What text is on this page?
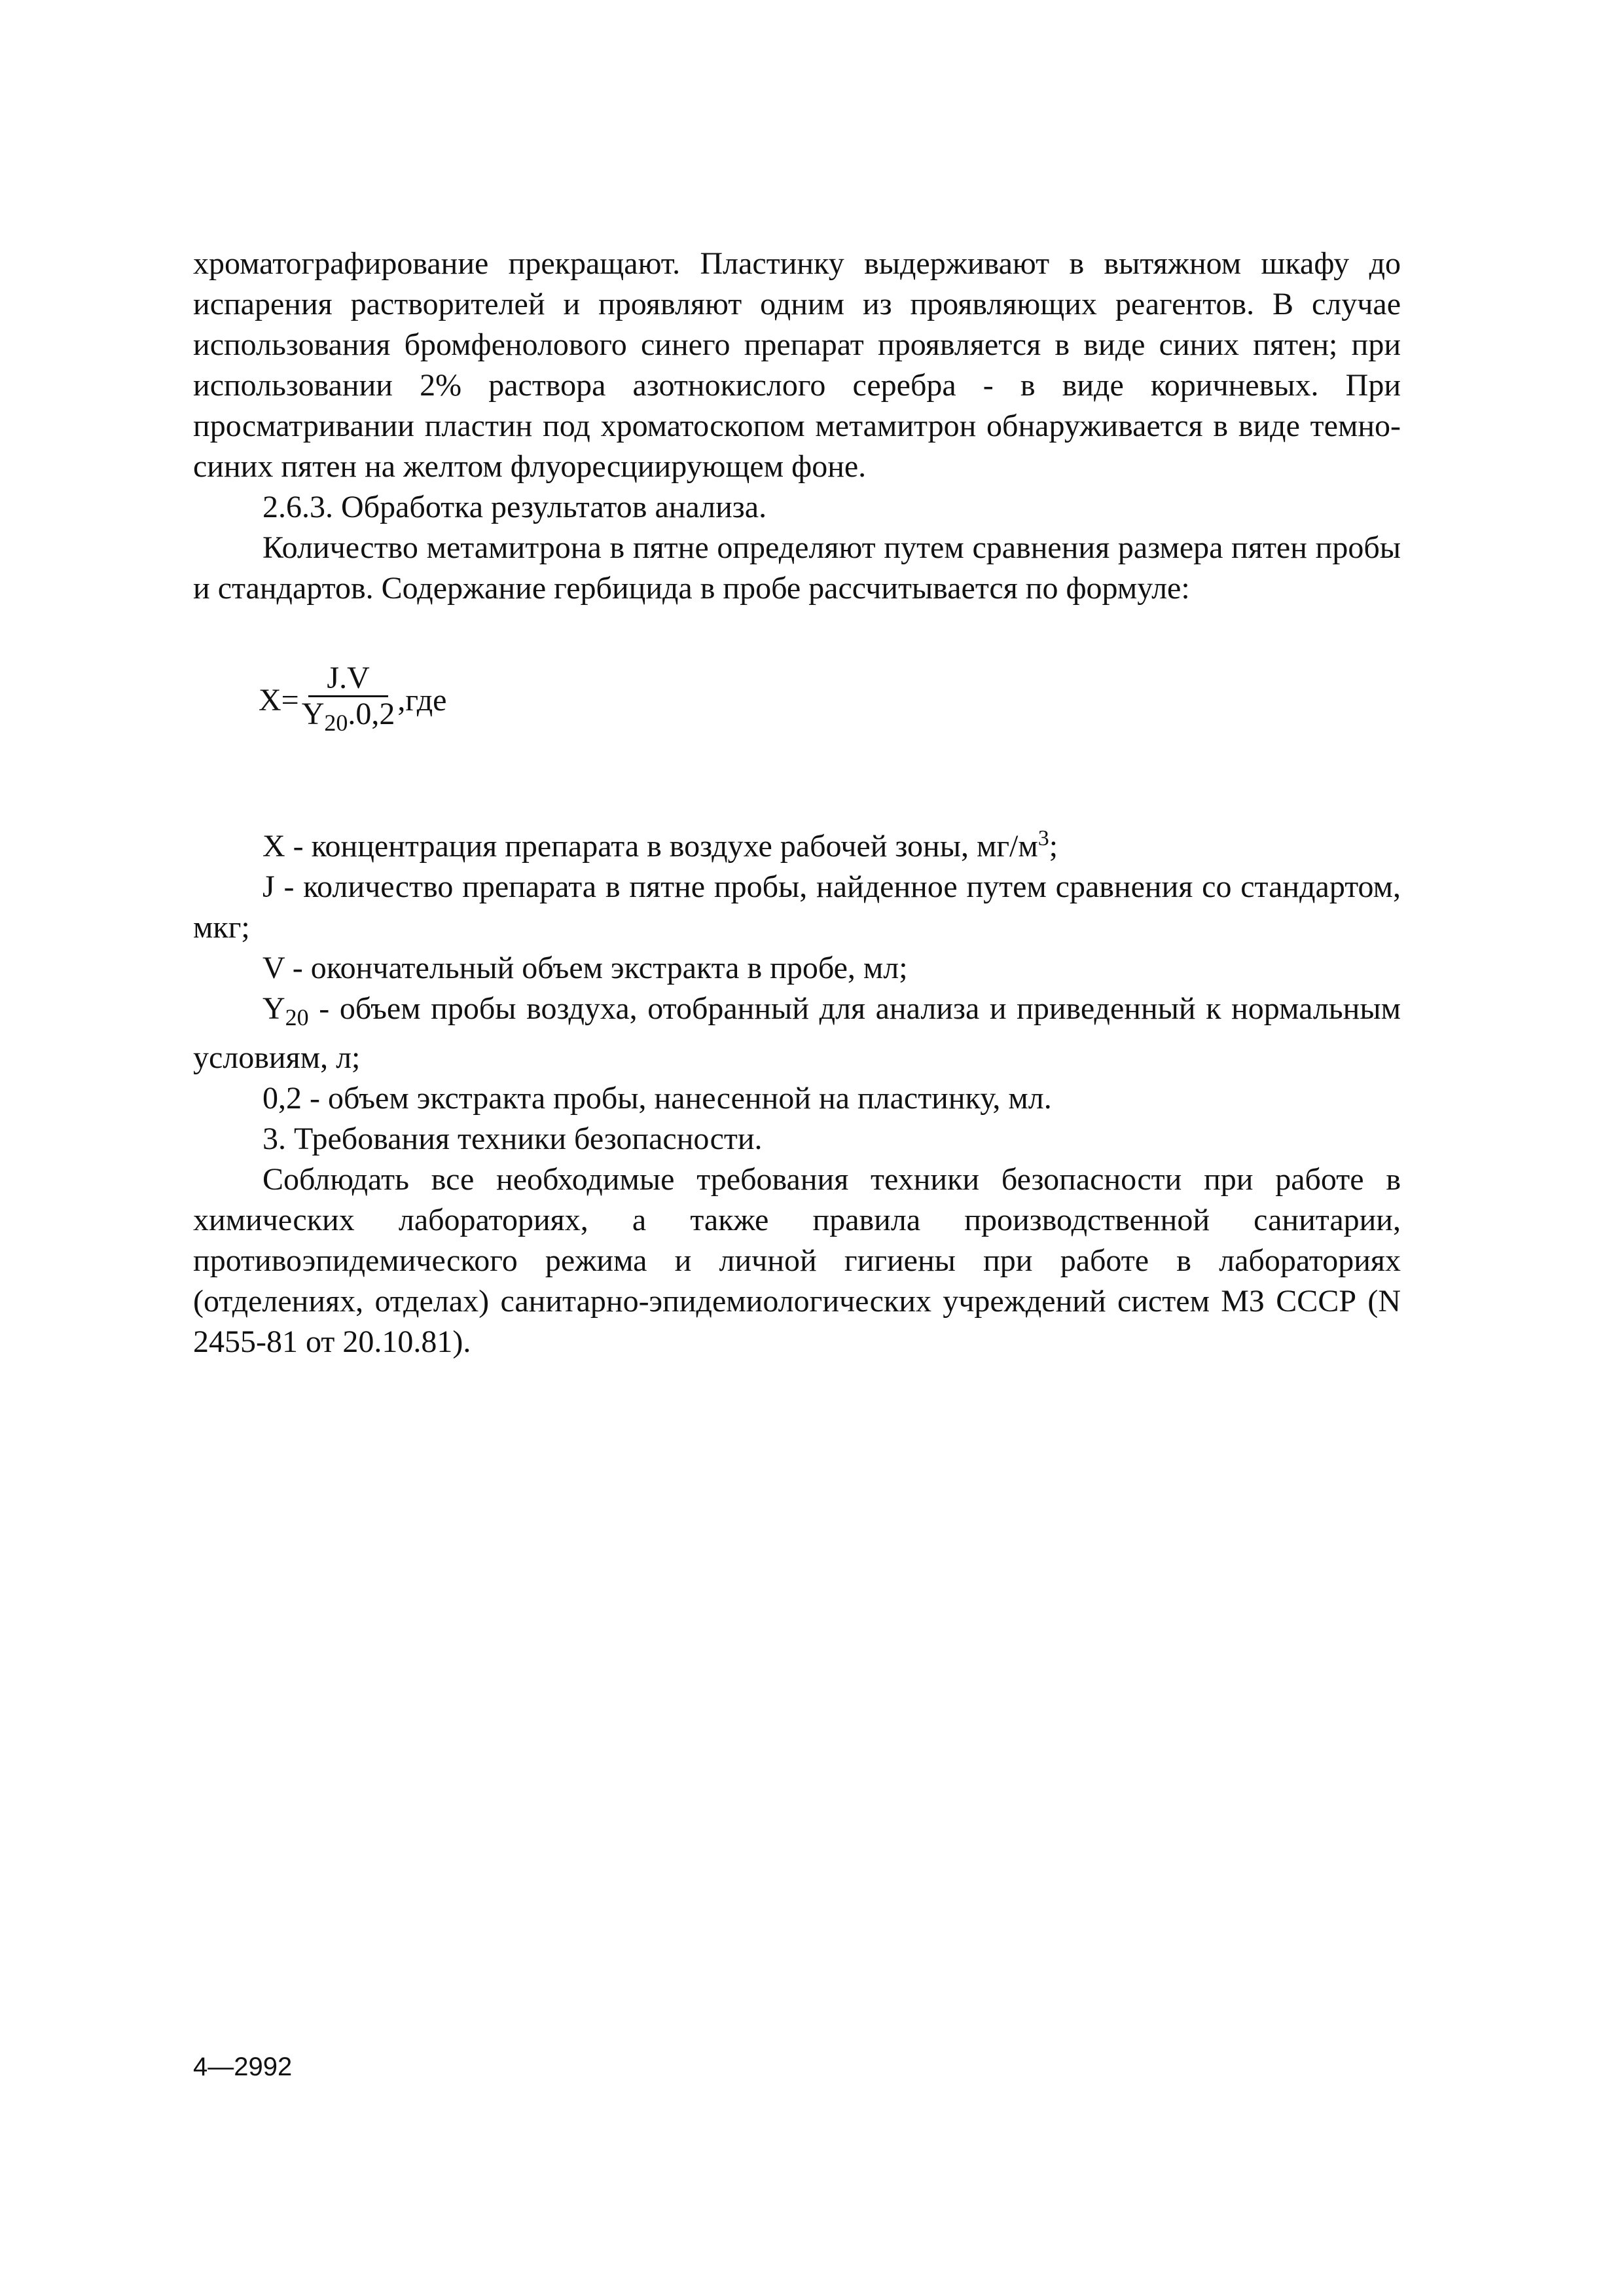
хроматографирование прекращают. Пластинку выдерживают в вытяжном шкафу до испарения растворителей и проявляют одним из проявляющих реагентов. В случае использования бромфенолового синего препарат проявляется в виде синих пятен; при использовании 2% раствора азотнокислого серебра - в виде коричневых. При просматривании пластин под хроматоскопом метамитрон обнаруживается в виде темно-синих пятен на желтом флуоресциирующем фоне.

2.6.3. Обработка результатов анализа.

Количество метамитрона в пятне определяют путем сравнения размера пятен пробы и стандартов. Содержание гербицида в пробе рассчитывается по формуле:

$X= \frac{J.V}{Y_{20}.0,2} ,где$

X - концентрация препарата в воздухе рабочей зоны, $мг/м^3$;

J - количество препарата в пятне пробы, найденное путем сравнения со стандартом, мкг;

V - окончательный объем экстракта в пробе, мл;

$Y_{20}$ - объем пробы воздуха, отобранный для анализа и приведенный к нормальным условиям, л;

0,2 - объем экстракта пробы, нанесенной на пластинку, мл.

3. Требования техники безопасности.

Соблюдать все необходимые требования техники безопасности при работе в химических лабораториях, а также правила производственной санитарии, противоэпидемического режима и личной гигиены при работе в лабораториях (отделениях, отделах) санитарно-эпидемиологических учреждений систем МЗ СССР (N 2455-81 от 20.10.81).

4—2992
